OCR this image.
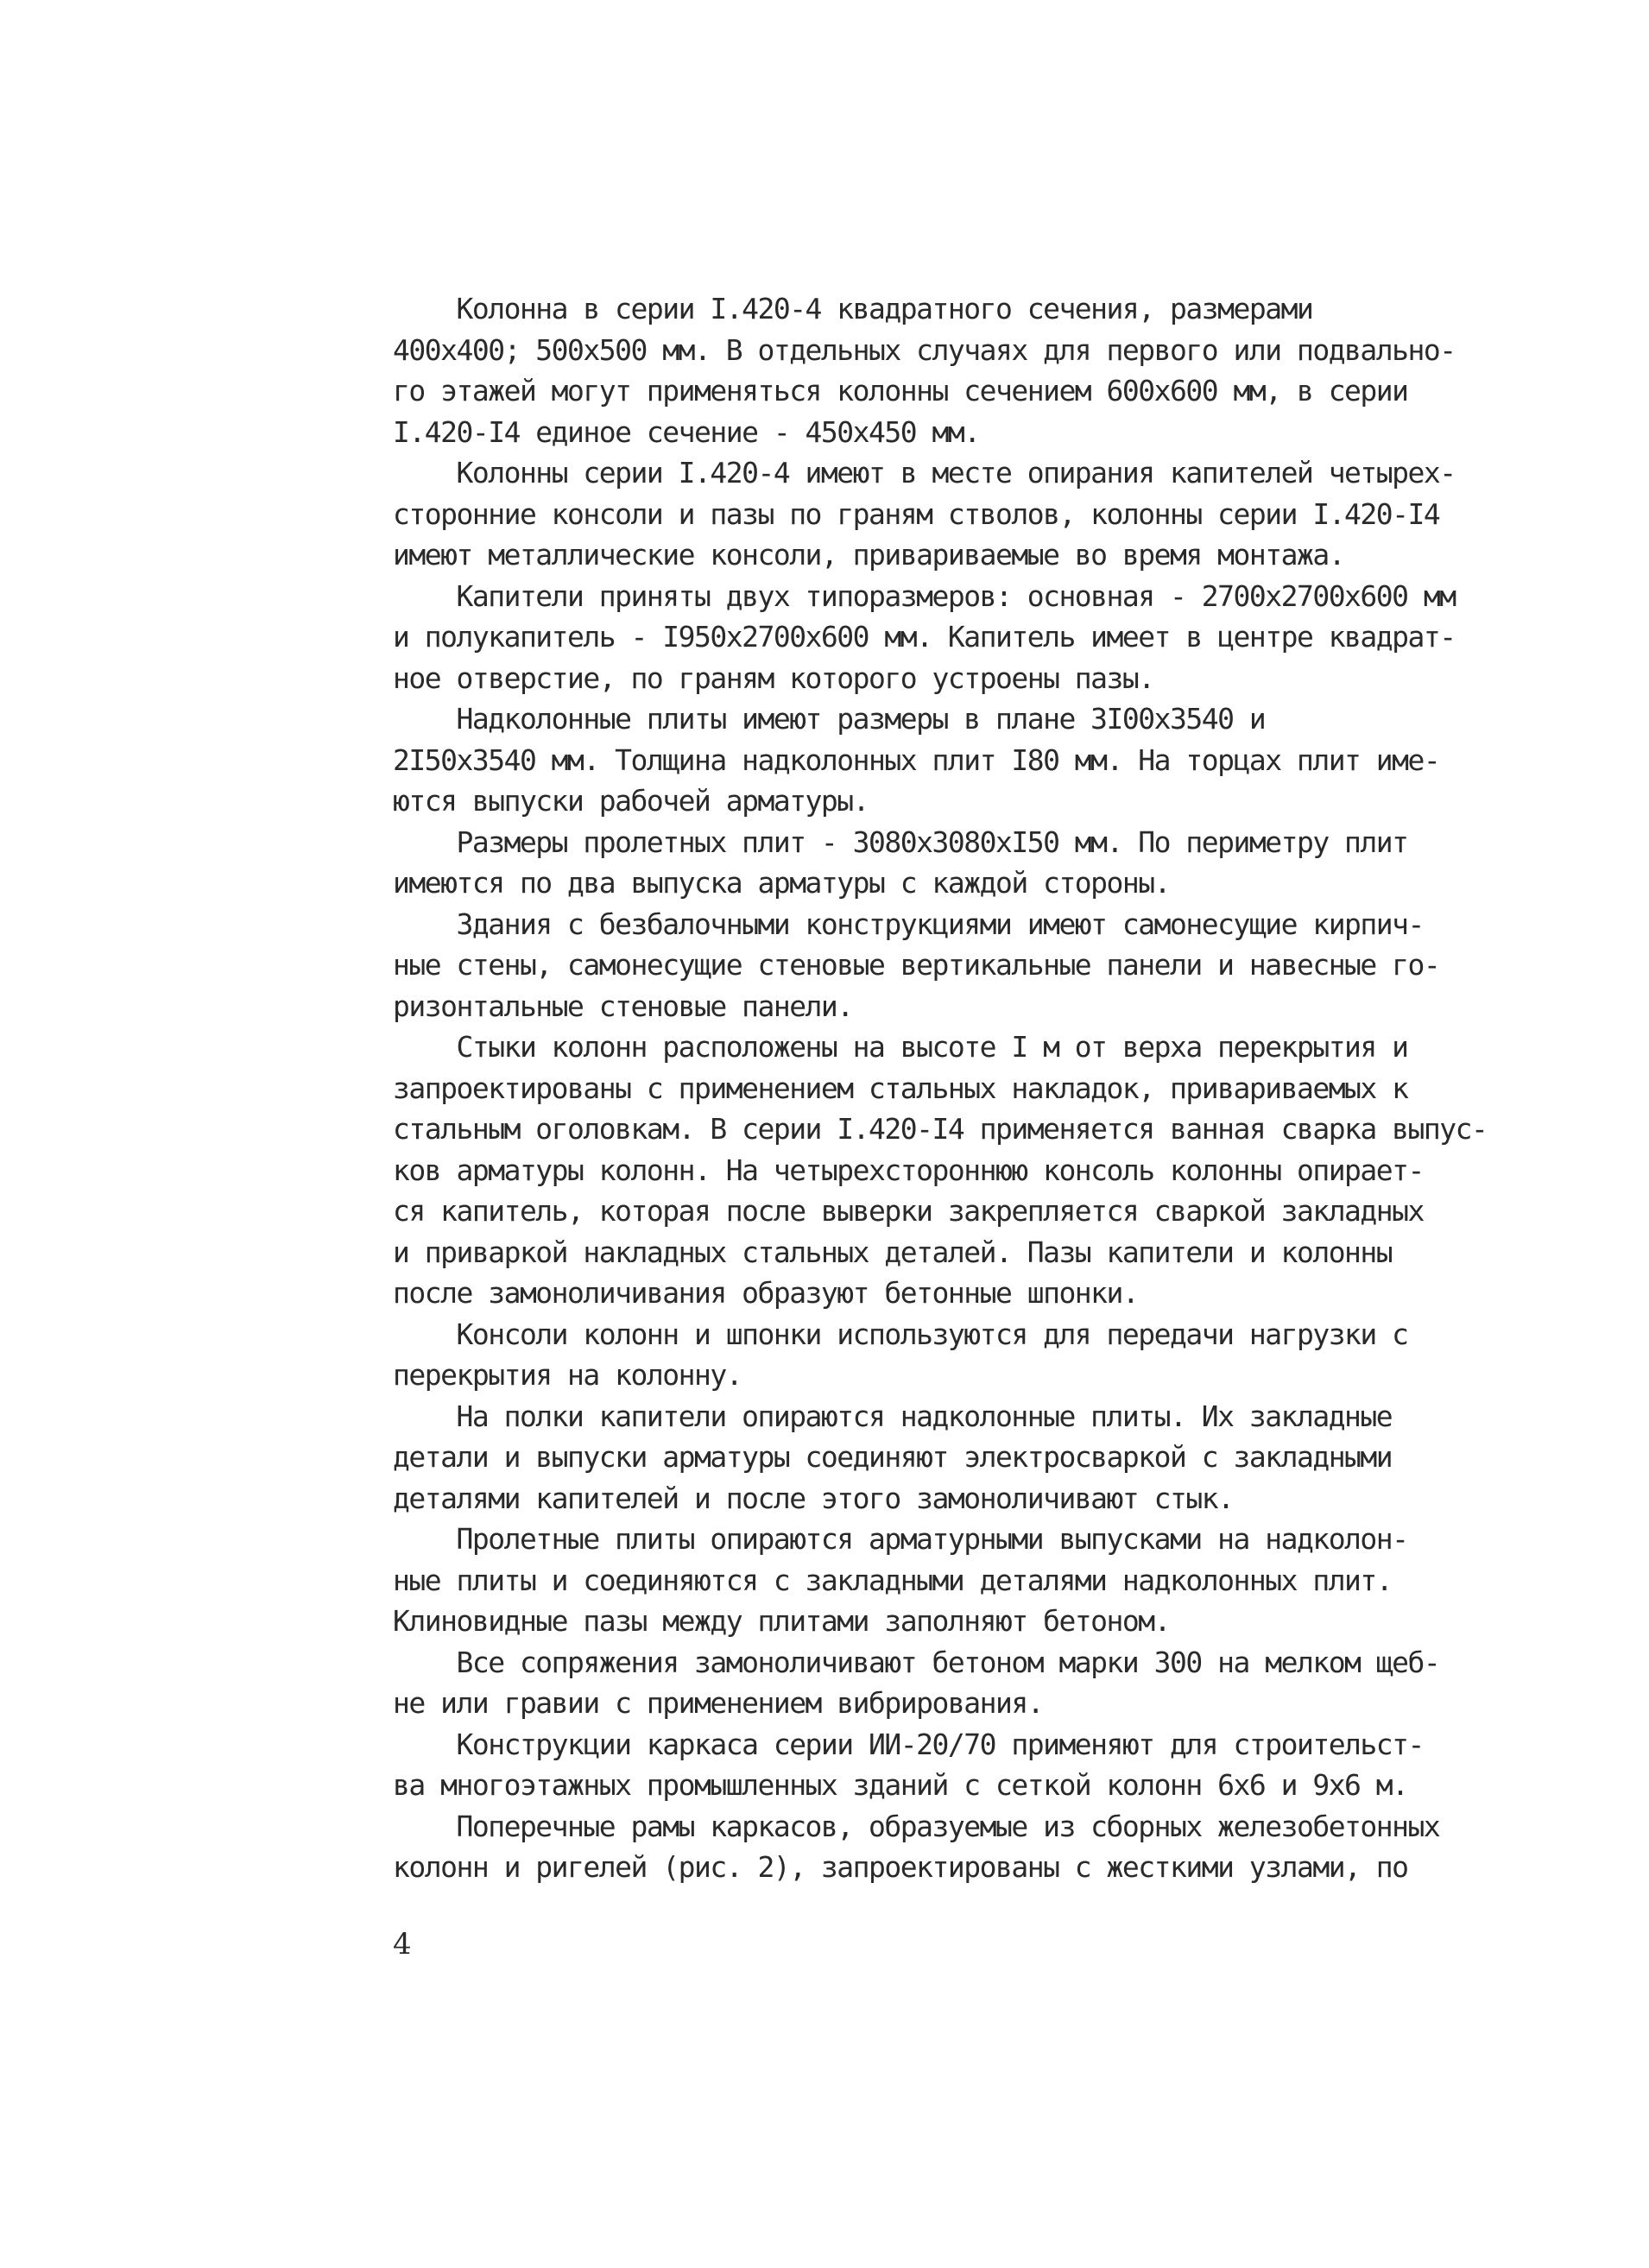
Колонна в серии I.420-4 квадратного сечения, размерами
400х400; 500х500 мм. В отдельных случаях для первого или подвально-
го этажей могут применяться колонны сечением 600х600 мм, в серии
I.420-I4 единое сечение - 450х450 мм.
Колонны серии I.420-4 имеют в месте опирания капителей четырех-
сторонние консоли и пазы по граням стволов, колонны серии I.420-I4
имеют металлические консоли, привариваемые во время монтажа.
Капители приняты двух типоразмеров: основная - 2700х2700х600 мм
и полукапитель - I950х2700х600 мм. Капитель имеет в центре квадрат-
ное отверстие, по граням которого устроены пазы.
Надколонные плиты имеют размеры в плане 3I00х3540 и
2I50х3540 мм. Толщина надколонных плит I80 мм. На торцах плит име-
ются выпуски рабочей арматуры.
Размеры пролетных плит - 3080х3080хI50 мм. По периметру плит
имеются по два выпуска арматуры с каждой стороны.
Здания с безбалочными конструкциями имеют самонесущие кирпич-
ные стены, самонесущие стеновые вертикальные панели и навесные го-
ризонтальные стеновые панели.
Стыки колонн расположены на высоте I м от верха перекрытия и
запроектированы с применением стальных накладок, привариваемых к
стальным оголовкам. В серии I.420-I4 применяется ванная сварка выпус-
ков арматуры колонн. На четырехстороннюю консоль колонны опирает-
ся капитель, которая после выверки закрепляется сваркой закладных
и приваркой накладных стальных деталей. Пазы капители и колонны
после замоноличивания образуют бетонные шпонки.
Консоли колонн и шпонки используются для передачи нагрузки с
перекрытия на колонну.
На полки капители опираются надколонные плиты. Их закладные
детали и выпуски арматуры соединяют электросваркой с закладными
деталями капителей и после этого замоноличивают стык.
Пролетные плиты опираются арматурными выпусками на надколон-
ные плиты и соединяются с закладными деталями надколонных плит.
Клиновидные пазы между плитами заполняют бетоном.
Все сопряжения замоноличивают бетоном марки 300 на мелком щеб-
не или гравии с применением вибрирования.
Конструкции каркаса серии ИИ-20/70 применяют для строительст-
ва многоэтажных промышленных зданий с сеткой колонн 6х6 и 9х6 м.
Поперечные рамы каркасов, образуемые из сборных железобетонных
колонн и ригелей (рис. 2), запроектированы с жесткими узлами, по
4
